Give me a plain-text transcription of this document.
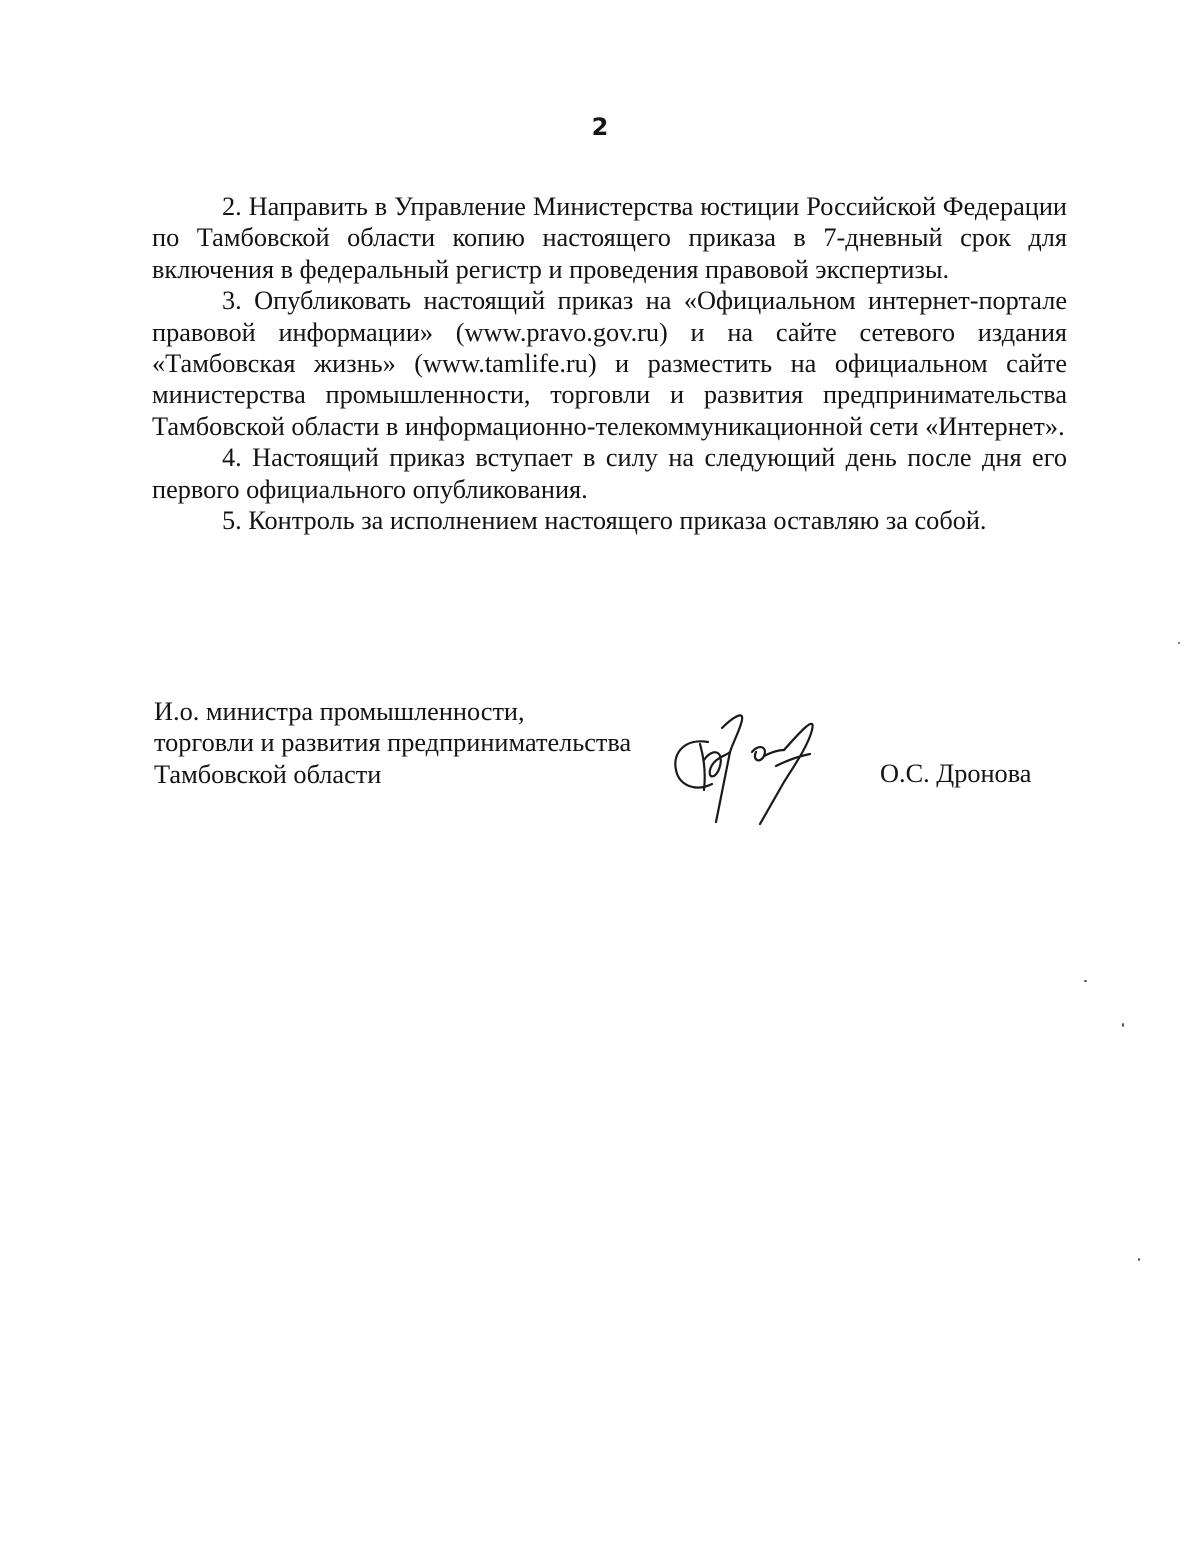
2

2. Направить в Управление Министерства юстиции Российской Федерации по Тамбовской области копию настоящего приказа в 7-дневный срок для включения в федеральный регистр и проведения правовой экспертизы.

3. Опубликовать настоящий приказ на «Официальном интернет-портале правовой информации» (www.pravo.gov.ru) и на сайте сетевого издания «Тамбовская жизнь» (www.tamlife.ru) и разместить на официальном сайте министерства промышленности, торговли и развития предпринимательства Тамбовской области в информационно-телекоммуникационной сети «Интернет».

4. Настоящий приказ вступает в силу на следующий день после дня его первого официального опубликования.

5. Контроль за исполнением настоящего приказа оставляю за собой.

И.о. министра промышленности,
торговли и развития предпринимательства
Тамбовской области	О.С. Дронова
